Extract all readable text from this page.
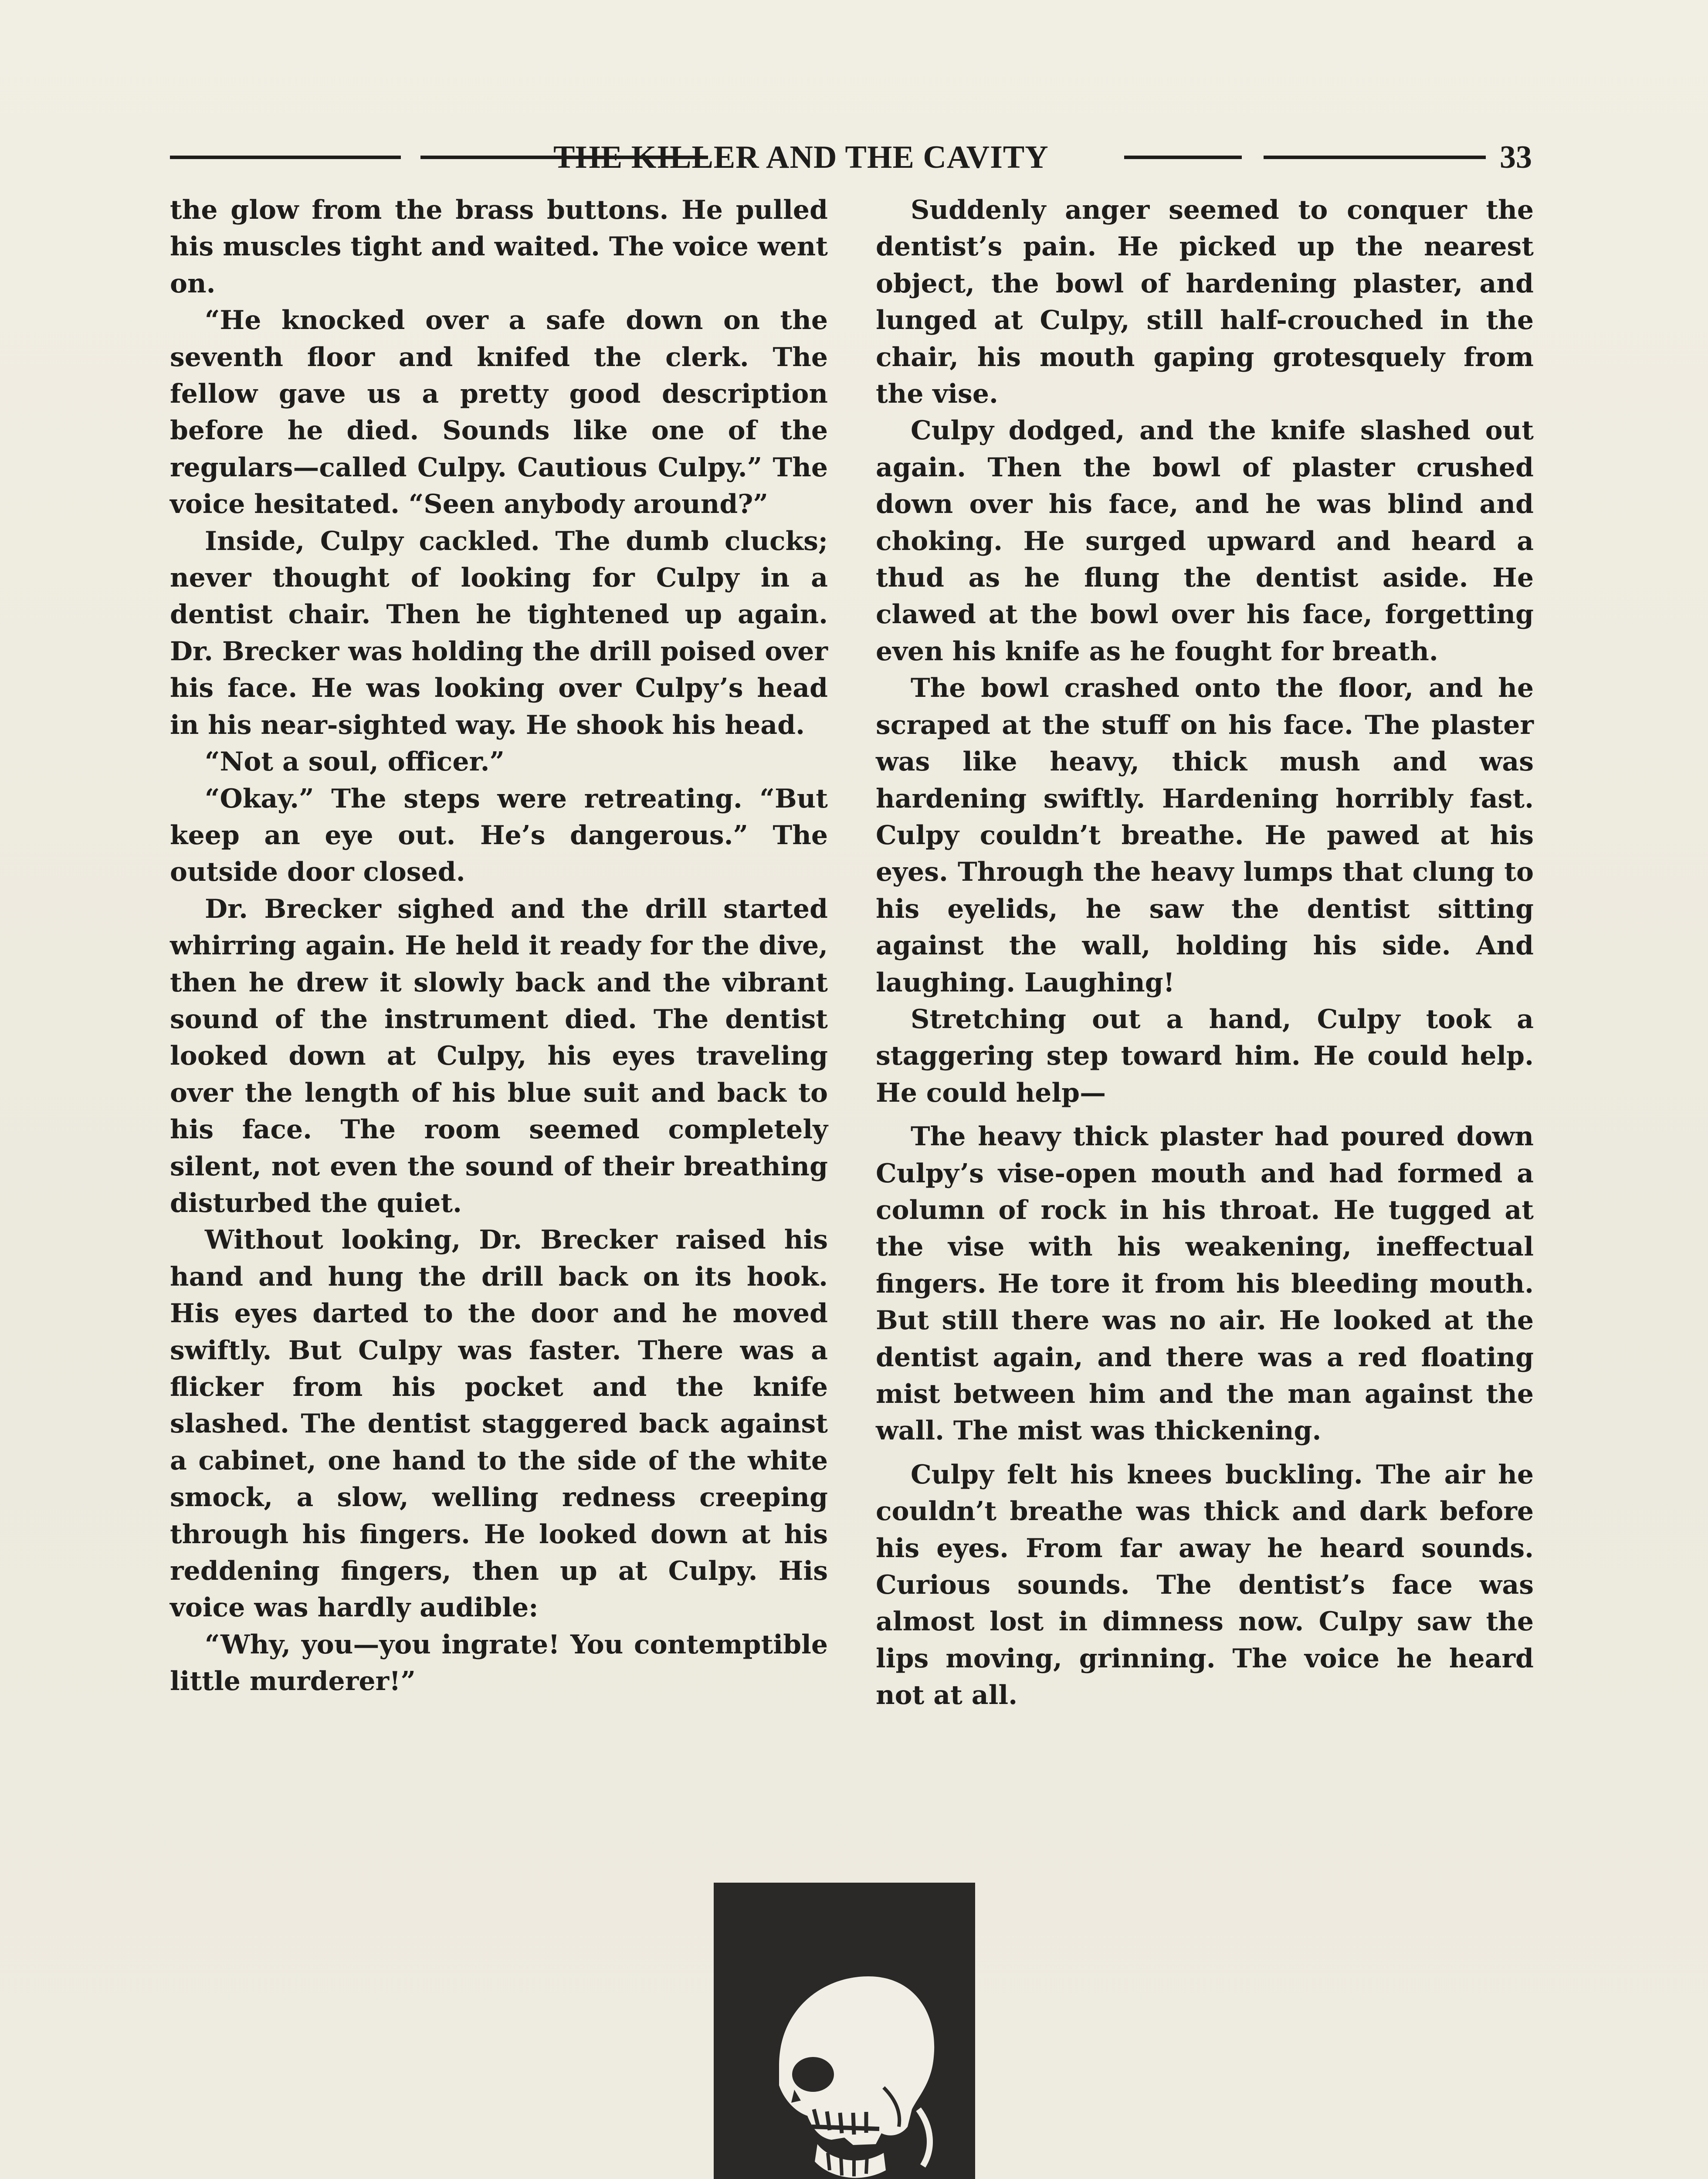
THE KILLER AND THE CAVITY	33

the glow from the brass buttons. He pulled his muscles tight and waited. The voice went on.

“He knocked over a safe down on the seventh floor and knifed the clerk. The fellow gave us a pretty good description before he died. Sounds like one of the regulars—called Culpy. Cautious Culpy.” The voice hesitated. “Seen anybody around?”

Inside, Culpy cackled. The dumb clucks; never thought of looking for Culpy in a dentist chair. Then he tightened up again. Dr. Brecker was holding the drill poised over his face. He was looking over Culpy’s head in his near-sighted way. He shook his head.

“Not a soul, officer.”

“Okay.” The steps were retreating. “But keep an eye out. He’s dangerous.” The outside door closed.

Dr. Brecker sighed and the drill started whirring again. He held it ready for the dive, then he drew it slowly back and the vibrant sound of the instrument died. The dentist looked down at Culpy, his eyes traveling over the length of his blue suit and back to his face. The room seemed completely silent, not even the sound of their breathing disturbed the quiet.

Without looking, Dr. Brecker raised his hand and hung the drill back on its hook. His eyes darted to the door and he moved swiftly. But Culpy was faster. There was a flicker from his pocket and the knife slashed. The dentist staggered back against a cabinet, one hand to the side of the white smock, a slow, welling redness creeping through his fingers. He looked down at his reddening fingers, then up at Culpy. His voice was hardly audible:

“Why, you—you ingrate! You contemptible little murderer!”

Suddenly anger seemed to conquer the dentist’s pain. He picked up the nearest object, the bowl of hardening plaster, and lunged at Culpy, still half-crouched in the chair, his mouth gaping grotesquely from the vise.

Culpy dodged, and the knife slashed out again. Then the bowl of plaster crushed down over his face, and he was blind and choking. He surged upward and heard a thud as he flung the dentist aside. He clawed at the bowl over his face, forgetting even his knife as he fought for breath.

The bowl crashed onto the floor, and he scraped at the stuff on his face. The plaster was like heavy, thick mush and was hardening swiftly. Hardening horribly fast. Culpy couldn’t breathe. He pawed at his eyes. Through the heavy lumps that clung to his eyelids, he saw the dentist sitting against the wall, holding his side. And laughing. Laughing!

Stretching out a hand, Culpy took a staggering step toward him. He could help. He could help—

The heavy thick plaster had poured down Culpy’s vise-open mouth and had formed a column of rock in his throat. He tugged at the vise with his weakening, ineffectual fingers. He tore it from his bleeding mouth. But still there was no air. He looked at the dentist again, and there was a red floating mist between him and the man against the wall. The mist was thickening.

Culpy felt his knees buckling. The air he couldn’t breathe was thick and dark before his eyes. From far away he heard sounds. Curious sounds. The dentist’s face was almost lost in dimness now. Culpy saw the lips moving, grinning. The voice he heard not at all.
